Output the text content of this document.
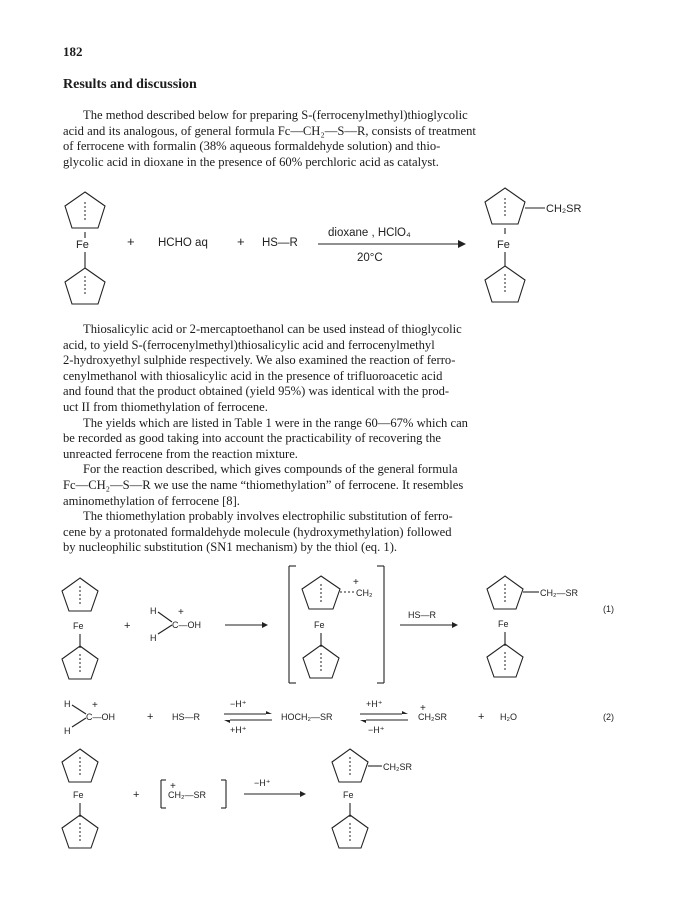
182
Results and discussion

The method described below for preparing S-(ferrocenylmethyl)thioglycolic
acid and its analogous, of general formula Fc—CH₂—S—R, consists of treatment
of ferrocene with formalin (38% aqueous formaldehyde solution) and thio-
glycolic acid in dioxane in the presence of 60% perchloric acid as catalyst.

Fe	+ HCHO aq + HS—R
dioxane , HClO₄
20°C
CH₂SR
Fe

Thiosalicylic acid or 2-mercaptoethanol can be used instead of thioglycolic
acid, to yield S-(ferrocenylmethyl)thiosalicylic acid and ferrocenylmethyl
2-hydroxyethyl sulphide respectively. We also examined the reaction of ferro-
cenylmethanol with thiosalicylic acid in the presence of trifluoroacetic acid
and found that the product obtained (yield 95%) was identical with the prod-
uct II from thiomethylation of ferrocene.
The yields which are listed in Table 1 were in the range 60—67% which can
be recorded as good taking into account the practicability of recovering the
unreacted ferrocene from the reaction mixture.
For the reaction described, which gives compounds of the general formula
Fc—CH₂—S—R we use the name “thiomethylation” of ferrocene. It resembles
aminomethylation of ferrocene [8].
The thiomethylation probably involves electrophilic substitution of ferro-
cene by a protonated formaldehyde molecule (hydroxymethylation) followed
by nucleophilic substitution (SN1 mechanism) by the thiol (eq. 1).

Fe	+
H +
H
C—OH
+
CH₂
Fe
HS—R
CH₂—SR
Fe
(1)
H +
H
C—OH	+ HS—R
−H⁺
+H⁺
HOCH₂—SR
+H⁺
−H⁺
+
CH₂SR	+ H₂O	(2)
Fe	+
+
CH₂—SR
−H⁺
CH₂SR
Fe
